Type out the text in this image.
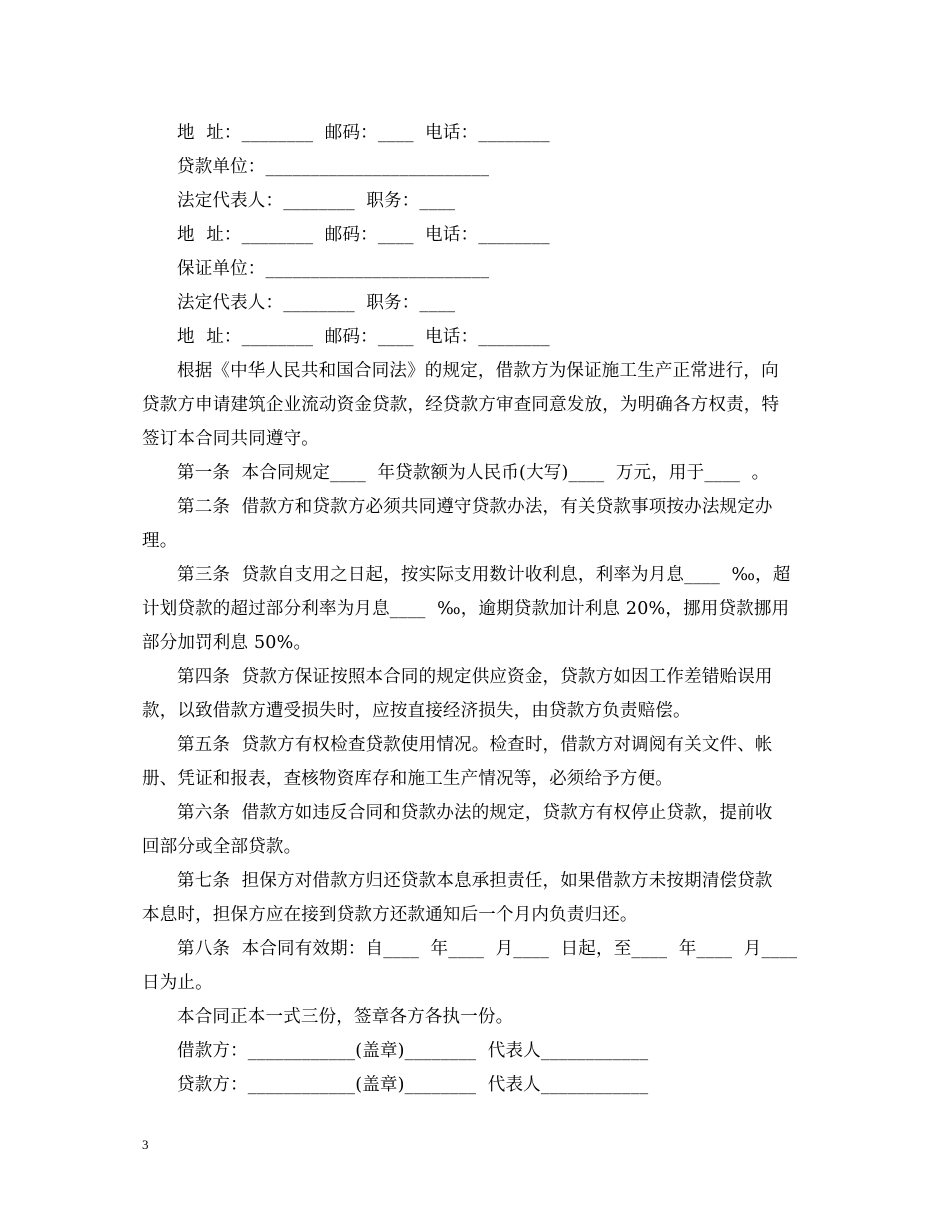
地  址：________  邮码：____  电话：________
贷款单位：_________________________
法定代表人：________  职务：____
地  址：________  邮码：____  电话：________
保证单位：_________________________
法定代表人：________  职务：____
地  址：________  邮码：____  电话：________
根据《中华人民共和国合同法》的规定，借款方为保证施工生产正常进行，向
贷款方申请建筑企业流动资金贷款，经贷款方审查同意发放，为明确各方权责，特
签订本合同共同遵守。
第一条  本合同规定____  年贷款额为人民币(大写)____  万元，用于____  。
第二条  借款方和贷款方必须共同遵守贷款办法，有关贷款事项按办法规定办
理。
第三条  贷款自支用之日起，按实际支用数计收利息，利率为月息____  ‰，超
计划贷款的超过部分利率为月息____  ‰，逾期贷款加计利息 20%，挪用贷款挪用
部分加罚利息 50%。
第四条  贷款方保证按照本合同的规定供应资金，贷款方如因工作差错贻误用
款，以致借款方遭受损失时，应按直接经济损失，由贷款方负责赔偿。
第五条  贷款方有权检查贷款使用情况。检查时，借款方对调阅有关文件、帐
册、凭证和报表，查核物资库存和施工生产情况等，必须给予方便。
第六条  借款方如违反合同和贷款办法的规定，贷款方有权停止贷款，提前收
回部分或全部贷款。
第七条  担保方对借款方归还贷款本息承担责任，如果借款方未按期清偿贷款
本息时，担保方应在接到贷款方还款通知后一个月内负责归还。
第八条  本合同有效期：自____  年____  月____  日起，至____  年____  月____
日为止。
本合同正本一式三份，签章各方各执一份。
借款方：____________(盖章)________  代表人____________
贷款方：____________(盖章)________  代表人____________
3
